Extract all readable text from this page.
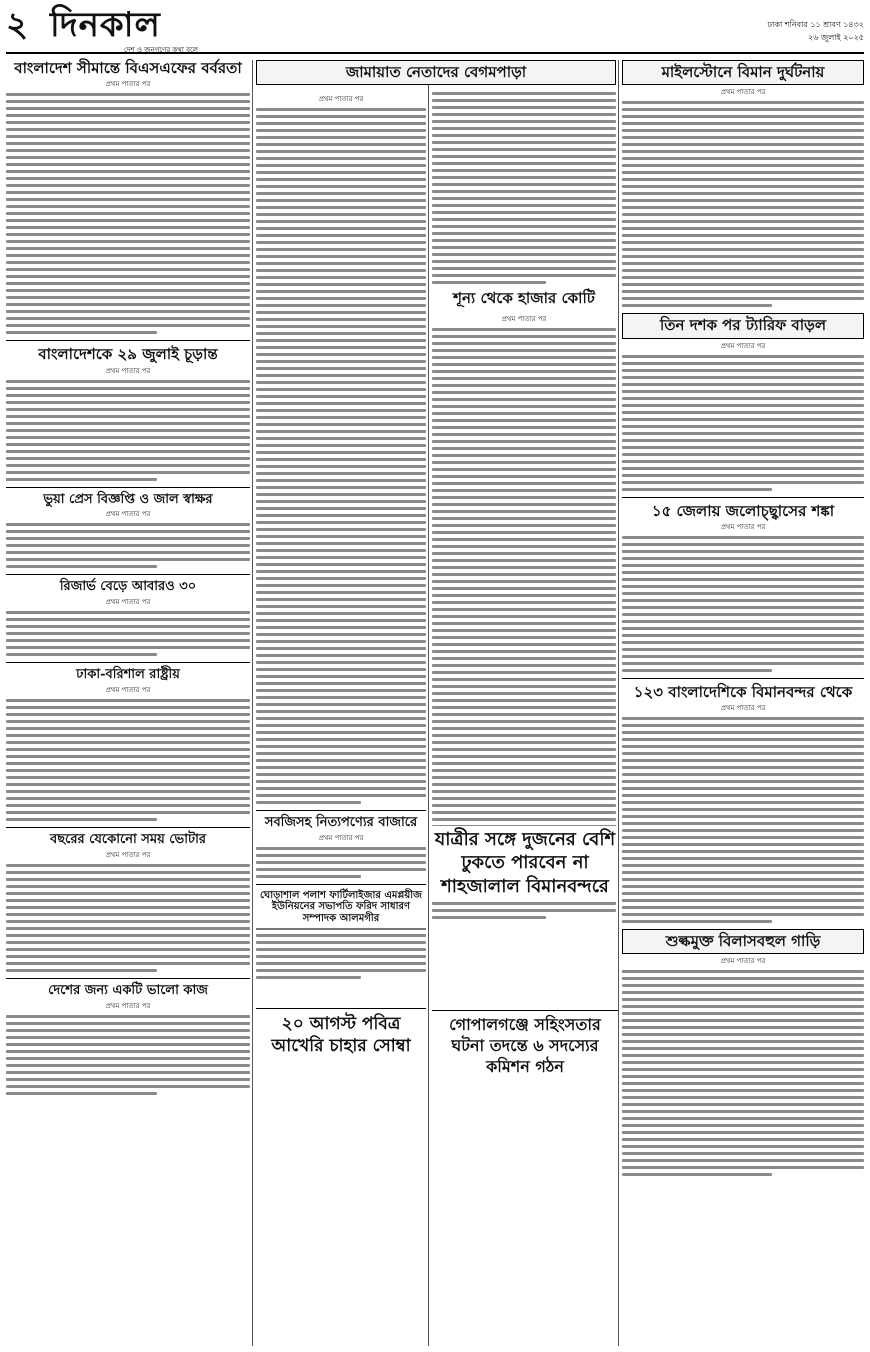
২ দিনকাল
দেশ ও জনগণের কথা বলে
ঢাকা শনিবার ১১ শ্রাবণ ১৪৩২
২৬ জুলাই ২০২৫
বাংলাদেশ সীমান্তে বিএসএফের বর্বরতা
প্রথম পাতার পর
বাংলাদেশকে ২৯ জুলাই চূড়ান্ত
প্রথম পাতার পর
ভুয়া প্রেস বিজ্ঞপ্তি ও জাল স্বাক্ষর
প্রথম পাতার পর
রিজার্ভ বেড়ে আবারও ৩০
প্রথম পাতার পর
ঢাকা-বরিশাল রাষ্ট্রীয়
প্রথম পাতার পর
বছরের যেকোনো সময় ভোটার
প্রথম পাতার পর
দেশের জন্য একটি ভালো কাজ
প্রথম পাতার পর
জামায়াত নেতাদের বেগমপাড়া
প্রথম পাতার পর
সবজিসহ নিত্যপণ্যের বাজারে
প্রথম পাতার পর
ঘোড়াশাল পলাশ ফার্টিলাইজার এমপ্লয়ীজ ইউনিয়নের সভাপতি ফরিদ সাধারণ সম্পাদক আলমগীর
শূন্য থেকে হাজার কোটি
প্রথম পাতার পর
মাইলস্টোনে বিমান দুর্ঘটনায়
প্রথম পাতার পর
তিন দশক পর ট্যারিফ বাড়ল
প্রথম পাতার পর
১৫ জেলায় জলোচ্ছ্বাসের শঙ্কা
প্রথম পাতার পর
১২৩ বাংলাদেশিকে বিমানবন্দর থেকে
প্রথম পাতার পর
শুল্কমুক্ত বিলাসবহুল গাড়ি
প্রথম পাতার পর
যাত্রীর সঙ্গে দুজনের বেশি ঢুকতে পারবেন না শাহজালাল বিমানবন্দরে
২০ আগস্ট পবিত্র আখেরি চাহার সোম্বা
গোপালগঞ্জে সহিংসতার ঘটনা তদন্তে ৬ সদস্যের কমিশন গঠন
